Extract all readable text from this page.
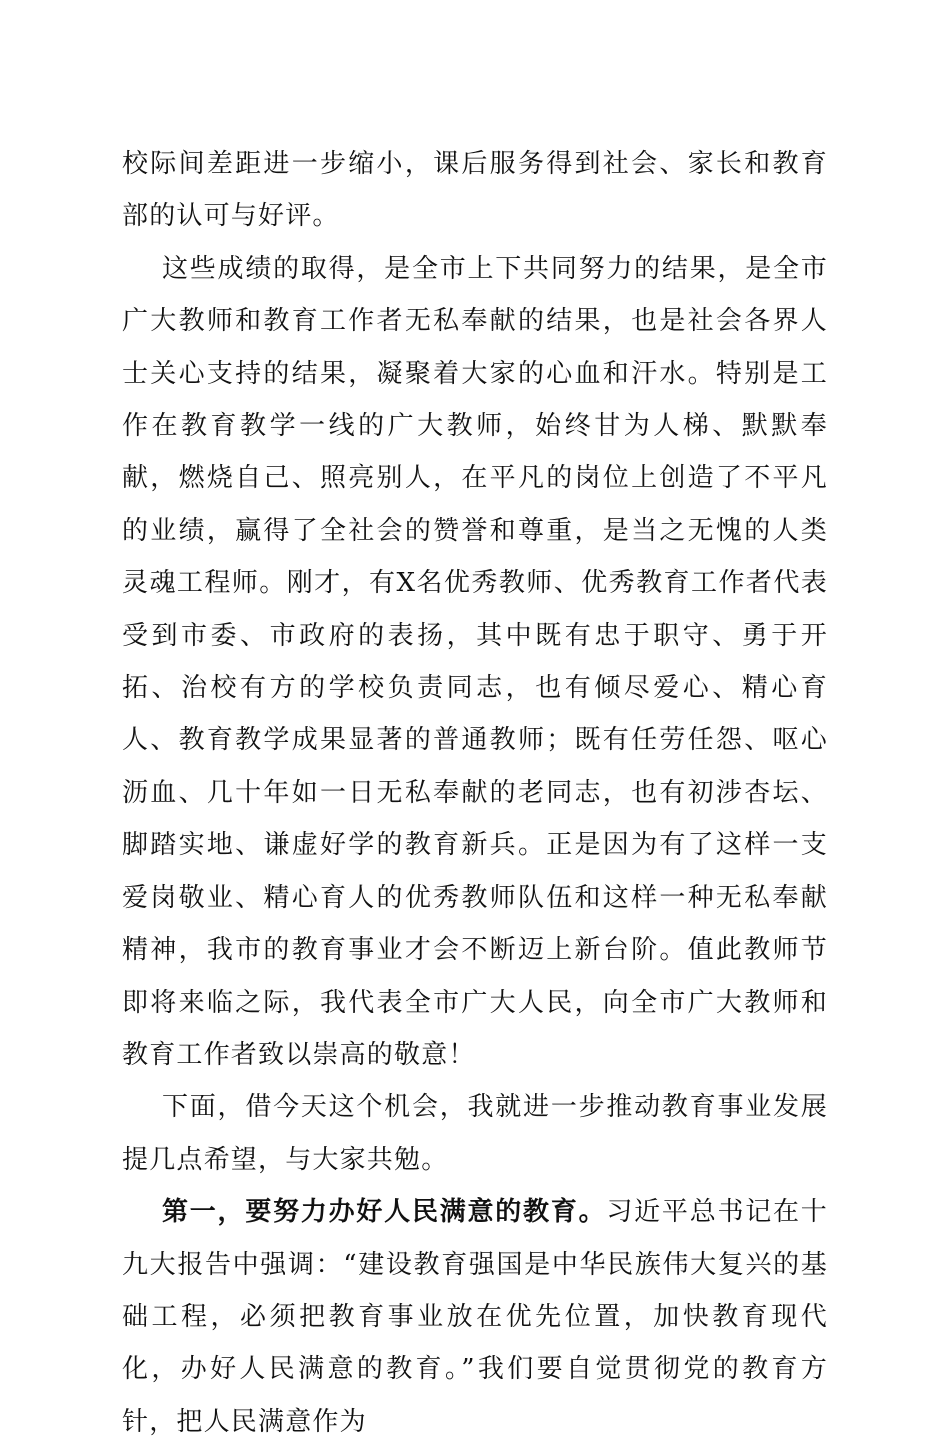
校际间差距进一步缩小，课后服务得到社会、家长和教育部的认可与好评。

这些成绩的取得，是全市上下共同努力的结果，是全市广大教师和教育工作者无私奉献的结果，也是社会各界人士关心支持的结果，凝聚着大家的心血和汗水。特别是工作在教育教学一线的广大教师，始终甘为人梯、默默奉献，燃烧自己、照亮别人，在平凡的岗位上创造了不平凡的业绩，赢得了全社会的赞誉和尊重，是当之无愧的人类灵魂工程师。刚才，有X名优秀教师、优秀教育工作者代表受到市委、市政府的表扬，其中既有忠于职守、勇于开拓、治校有方的学校负责同志，也有倾尽爱心、精心育人、教育教学成果显著的普通教师；既有任劳任怨、呕心沥血、几十年如一日无私奉献的老同志，也有初涉杏坛、脚踏实地、谦虚好学的教育新兵。正是因为有了这样一支爱岗敬业、精心育人的优秀教师队伍和这样一种无私奉献精神，我市的教育事业才会不断迈上新台阶。值此教师节即将来临之际，我代表全市广大人民，向全市广大教师和教育工作者致以崇高的敬意！

下面，借今天这个机会，我就进一步推动教育事业发展提几点希望，与大家共勉。

第一，要努力办好人民满意的教育。习近平总书记在十九大报告中强调：“建设教育强国是中华民族伟大复兴的基础工程，必须把教育事业放在优先位置，加快教育现代化，办好人民满意的教育。”我们要自觉贯彻党的教育方针，把人民满意作为
